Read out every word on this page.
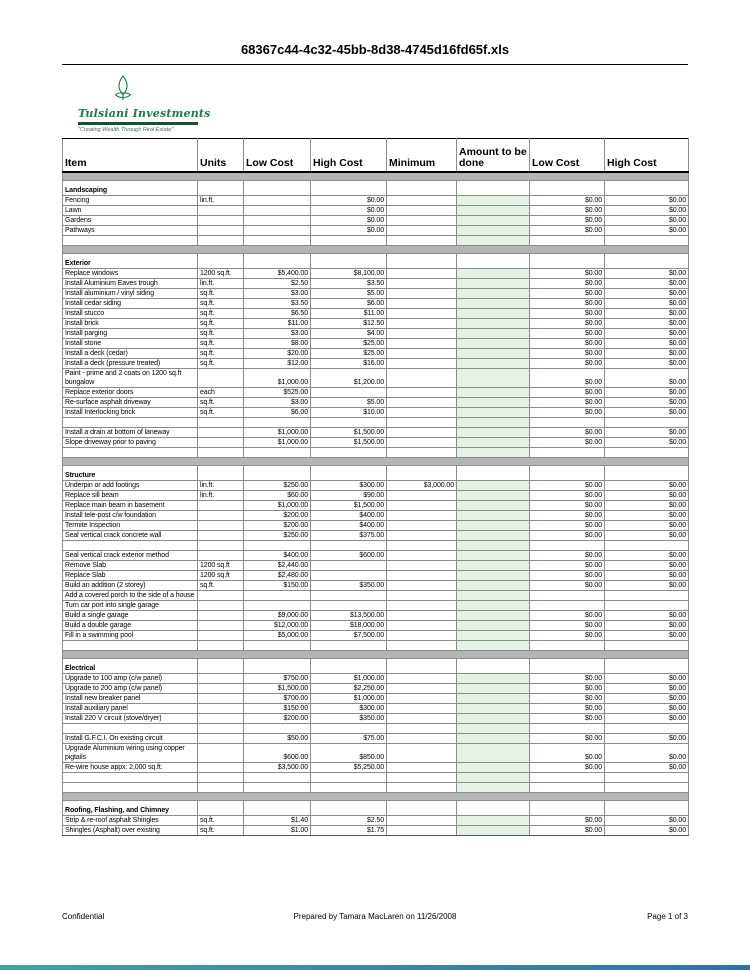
68367c44-4c32-45bb-8d38-4745d16fd65f.xls
Tulsiani Investments
"Creating Wealth Through Real Estate"
Item	Units	Low Cost	High Cost	Minimum	Amount to be done	Low Cost	High Cost

Landscaping							
Fencing	lin.ft.		$0.00			$0.00	$0.00
Lawn			$0.00			$0.00	$0.00
Gardens			$0.00			$0.00	$0.00
Pathways			$0.00			$0.00	$0.00

Exterior							
Replace windows	1200 sq.ft.	$5,400.00	$8,100.00			$0.00	$0.00
Install Aluminium Eaves trough	lin.ft.	$2.50	$3.50			$0.00	$0.00
Install aluminium / vinyl siding	sq.ft.	$3.00	$5.00			$0.00	$0.00
Install cedar siding	sq.ft.	$3.50	$6.00			$0.00	$0.00
Install stucco	sq.ft.	$6.50	$11.00			$0.00	$0.00
Install brick	sq.ft.	$11.00	$12.50			$0.00	$0.00
Install parging	sq.ft.	$3.00	$4.00			$0.00	$0.00
Install stone	sq.ft.	$8.00	$25.00			$0.00	$0.00
Install a deck (cedar)	sq.ft.	$20.00	$25.00			$0.00	$0.00
Install a deck (pressure treated)	sq.ft.	$12.00	$16.00			$0.00	$0.00
Paint - prime and 2 coats on 1200 sq.ft bungalow		$1,000.00	$1,200.00			$0.00	$0.00
Replace exterior doors	each	$525.00				$0.00	$0.00
Re-surface asphalt driveway	sq.ft.	$3.00	$5.00			$0.00	$0.00
Install Interlocking brick	sq.ft.	$6.00	$10.00			$0.00	$0.00

Install a drain at bottom of laneway		$1,000.00	$1,500.00			$0.00	$0.00
Slope driveway prior to paving		$1,000.00	$1,500.00			$0.00	$0.00

Structure							
Underpin or add footings	lin.ft.	$250.00	$300.00	$3,000.00		$0.00	$0.00
Replace sill beam	lin.ft.	$60.00	$90.00			$0.00	$0.00
Replace main beam in basement		$1,000.00	$1,500.00			$0.00	$0.00
Install tele-post c/w foundation		$200.00	$400.00			$0.00	$0.00
Termite Inspection		$200.00	$400.00			$0.00	$0.00
Seal vertical crack concrete wall		$250.00	$375.00			$0.00	$0.00

Seal vertical crack exterior method		$400.00	$600.00			$0.00	$0.00
Remove Slab	1200 sq.ft	$2,440.00				$0.00	$0.00
Replace Slab	1200 sq.ft	$2,480.00				$0.00	$0.00
Build an addition (2 storey)	sq.ft.	$150.00	$350.00			$0.00	$0.00
Add a covered porch to the side of a house							
Turn car port into single garage							
Build a single garage		$9,000.00	$13,500.00			$0.00	$0.00
Build a double garage		$12,000.00	$18,000.00			$0.00	$0.00
Fill in a swimming pool		$5,000.00	$7,500.00			$0.00	$0.00

Electrical							
Upgrade to 100 amp (c/w panel)		$750.00	$1,000.00			$0.00	$0.00
Upgrade to 200 amp (c/w panel)		$1,500.00	$2,250.00			$0.00	$0.00
Install new breaker panel		$700.00	$1,000.00			$0.00	$0.00
Install auxiliary panel		$150.00	$300.00			$0.00	$0.00
Install 220 V circuit (stove/dryer)		$200.00	$350.00			$0.00	$0.00

Install G.F.C.I. On existing circuit		$50.00	$75.00			$0.00	$0.00
Upgrade Aluminium wiring using copper pigtails		$600.00	$850.00			$0.00	$0.00
Re-wire house appx: 2,000 sq.ft.		$3,500.00	$5,250.00			$0.00	$0.00

Roofing, Flashing, and Chimney							
Strip & re-roof asphalt Shingles	sq.ft.	$1.40	$2.50			$0.00	$0.00
Shingles (Asphalt) over existing	sq.ft.	$1.00	$1.75			$0.00	$0.00
Confidential	Prepared by Tamara MacLaren on 11/26/2008	Page 1 of 3
